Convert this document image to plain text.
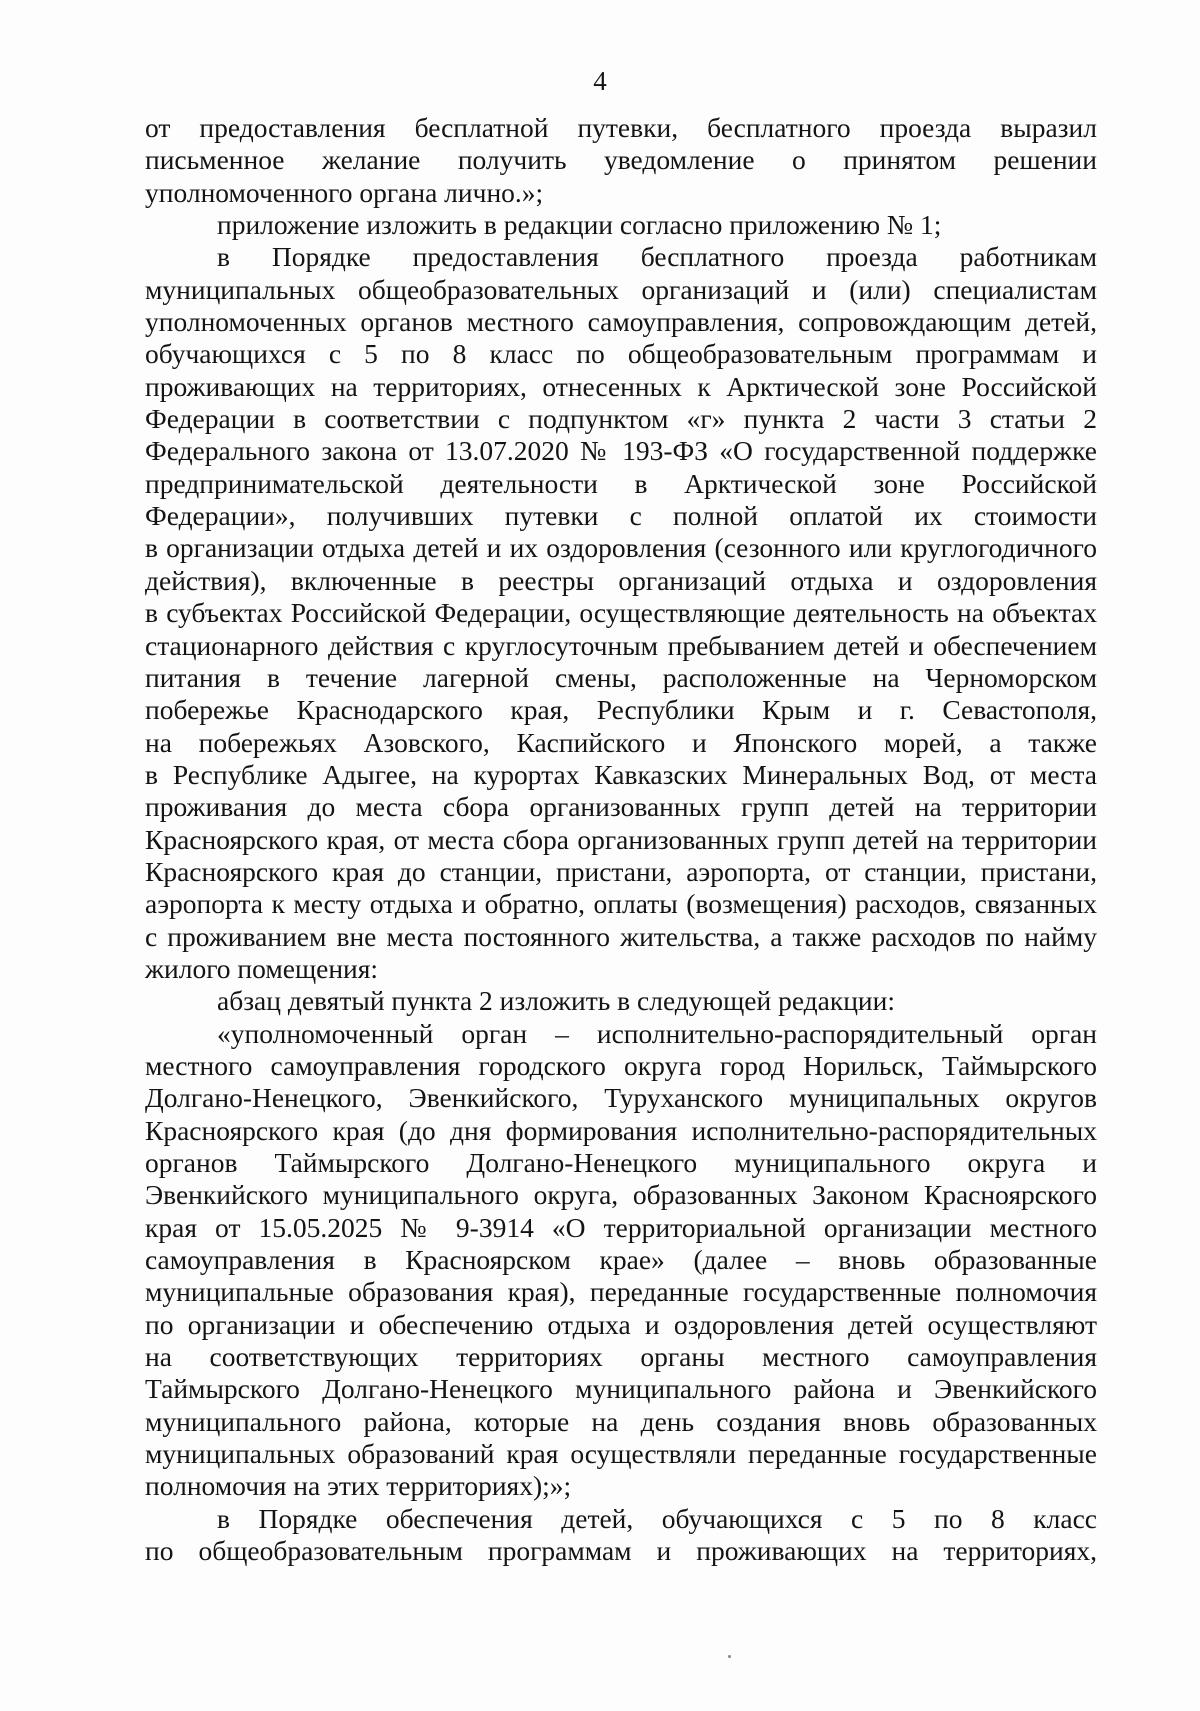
4
от предоставления бесплатной путевки, бесплатного проезда выразил
письменное желание получить уведомление о принятом решении
уполномоченного органа лично.»;
приложение изложить в редакции согласно приложению № 1;
в Порядке предоставления бесплатного проезда работникам
муниципальных общеобразовательных организаций и (или) специалистам
уполномоченных органов местного самоуправления, сопровождающим детей,
обучающихся с 5 по 8 класс по общеобразовательным программам и
проживающих на территориях, отнесенных к Арктической зоне Российской
Федерации в соответствии с подпунктом «г» пункта 2 части 3 статьи 2
Федерального закона от 13.07.2020 № 193-ФЗ «О государственной поддержке
предпринимательской деятельности в Арктической зоне Российской
Федерации», получивших путевки с полной оплатой их стоимости
в организации отдыха детей и их оздоровления (сезонного или круглогодичного
действия), включенные в реестры организаций отдыха и оздоровления
в субъектах Российской Федерации, осуществляющие деятельность на объектах
стационарного действия с круглосуточным пребыванием детей и обеспечением
питания в течение лагерной смены, расположенные на Черноморском
побережье Краснодарского края, Республики Крым и г. Севастополя,
на побережьях Азовского, Каспийского и Японского морей, а также
в Республике Адыгее, на курортах Кавказских Минеральных Вод, от места
проживания до места сбора организованных групп детей на территории
Красноярского края, от места сбора организованных групп детей на территории
Красноярского края до станции, пристани, аэропорта, от станции, пристани,
аэропорта к месту отдыха и обратно, оплаты (возмещения) расходов, связанных
с проживанием вне места постоянного жительства, а также расходов по найму
жилого помещения:
абзац девятый пункта 2 изложить в следующей редакции:
«уполномоченный орган – исполнительно-распорядительный орган
местного самоуправления городского округа город Норильск, Таймырского
Долгано-Ненецкого, Эвенкийского, Туруханского муниципальных округов
Красноярского края (до дня формирования исполнительно-распорядительных
органов Таймырского Долгано-Ненецкого муниципального округа и
Эвенкийского муниципального округа, образованных Законом Красноярского
края от 15.05.2025 № 9-3914 «О территориальной организации местного
самоуправления в Красноярском крае» (далее – вновь образованные
муниципальные образования края), переданные государственные полномочия
по организации и обеспечению отдыха и оздоровления детей осуществляют
на соответствующих территориях органы местного самоуправления
Таймырского Долгано-Ненецкого муниципального района и Эвенкийского
муниципального района, которые на день создания вновь образованных
муниципальных образований края осуществляли переданные государственные
полномочия на этих территориях);»;
в Порядке обеспечения детей, обучающихся с 5 по 8 класс
по общеобразовательным программам и проживающих на территориях,
